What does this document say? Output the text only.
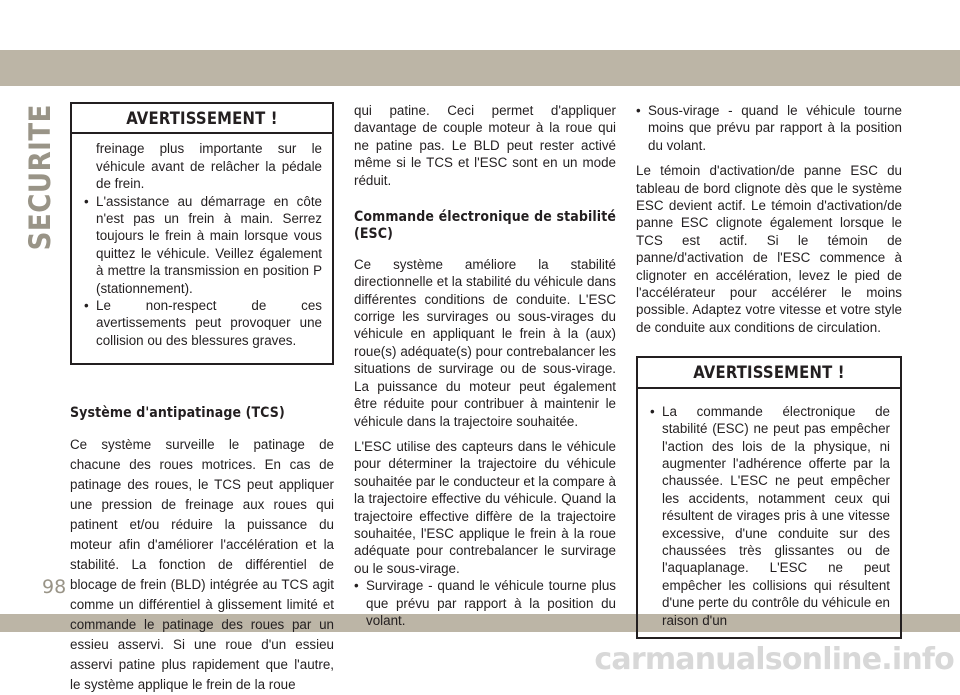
SECURITE
98
carmanualsonline.info
AVERTISSEMENT !
freinage plus importante sur le véhicule avant de relâcher la pédale de frein.
• L'assistance au démarrage en côte n'est pas un frein à main. Serrez toujours le frein à main lorsque vous quittez le véhicule. Veillez également à mettre la transmission en position P (stationnement).
• Le non-respect de ces avertissements peut provoquer une collision ou des blessures graves.
Système d'antipatinage (TCS)

Ce système surveille le patinage de chacune des roues motrices. En cas de patinage des roues, le TCS peut appliquer une pression de freinage aux roues qui patinent et/ou réduire la puissance du moteur afin d'améliorer l'accélération et la stabilité. La fonction de différentiel de blocage de frein (BLD) intégrée au TCS agit comme un différentiel à glissement limité et commande le patinage des roues par un essieu asservi. Si une roue d'un essieu asservi patine plus rapidement que l'autre, le système applique le frein de la roue

qui patine. Ceci permet d'appliquer davantage de couple moteur à la roue qui ne patine pas. Le BLD peut rester activé même si le TCS et l'ESC sont en un mode réduit.

Commande électronique de stabilité (ESC)

Ce système améliore la stabilité directionnelle et la stabilité du véhicule dans différentes conditions de conduite. L'ESC corrige les survirages ou sous-virages du véhicule en appliquant le frein à la (aux) roue(s) adéquate(s) pour contrebalancer les situations de survirage ou de sous-virage. La puissance du moteur peut également être réduite pour contribuer à maintenir le véhicule dans la trajectoire souhaitée.

L'ESC utilise des capteurs dans le véhicule pour déterminer la trajectoire du véhicule souhaitée par le conducteur et la compare à la trajectoire effective du véhicule. Quand la trajectoire effective diffère de la trajectoire souhaitée, l'ESC applique le frein à la roue adéquate pour contrebalancer le survirage ou le sous-virage.

• Survirage - quand le véhicule tourne plus que prévu par rapport à la position du volant.
• Sous-virage - quand le véhicule tourne moins que prévu par rapport à la position du volant.

Le témoin d'activation/de panne ESC du tableau de bord clignote dès que le système ESC devient actif. Le témoin d'activation/de panne ESC clignote également lorsque le TCS est actif. Si le témoin de panne/d'activation de l'ESC commence à clignoter en accélération, levez le pied de l'accélérateur pour accélérer le moins possible. Adaptez votre vitesse et votre style de conduite aux conditions de circulation.

AVERTISSEMENT !
• La commande électronique de stabilité (ESC) ne peut pas empêcher l'action des lois de la physique, ni augmenter l'adhérence offerte par la chaussée. L'ESC ne peut empêcher les accidents, notamment ceux qui résultent de virages pris à une vitesse excessive, d'une conduite sur des chaussées très glissantes ou de l'aquaplanage. L'ESC ne peut empêcher les collisions qui résultent d'une perte du contrôle du véhicule en raison d'un
